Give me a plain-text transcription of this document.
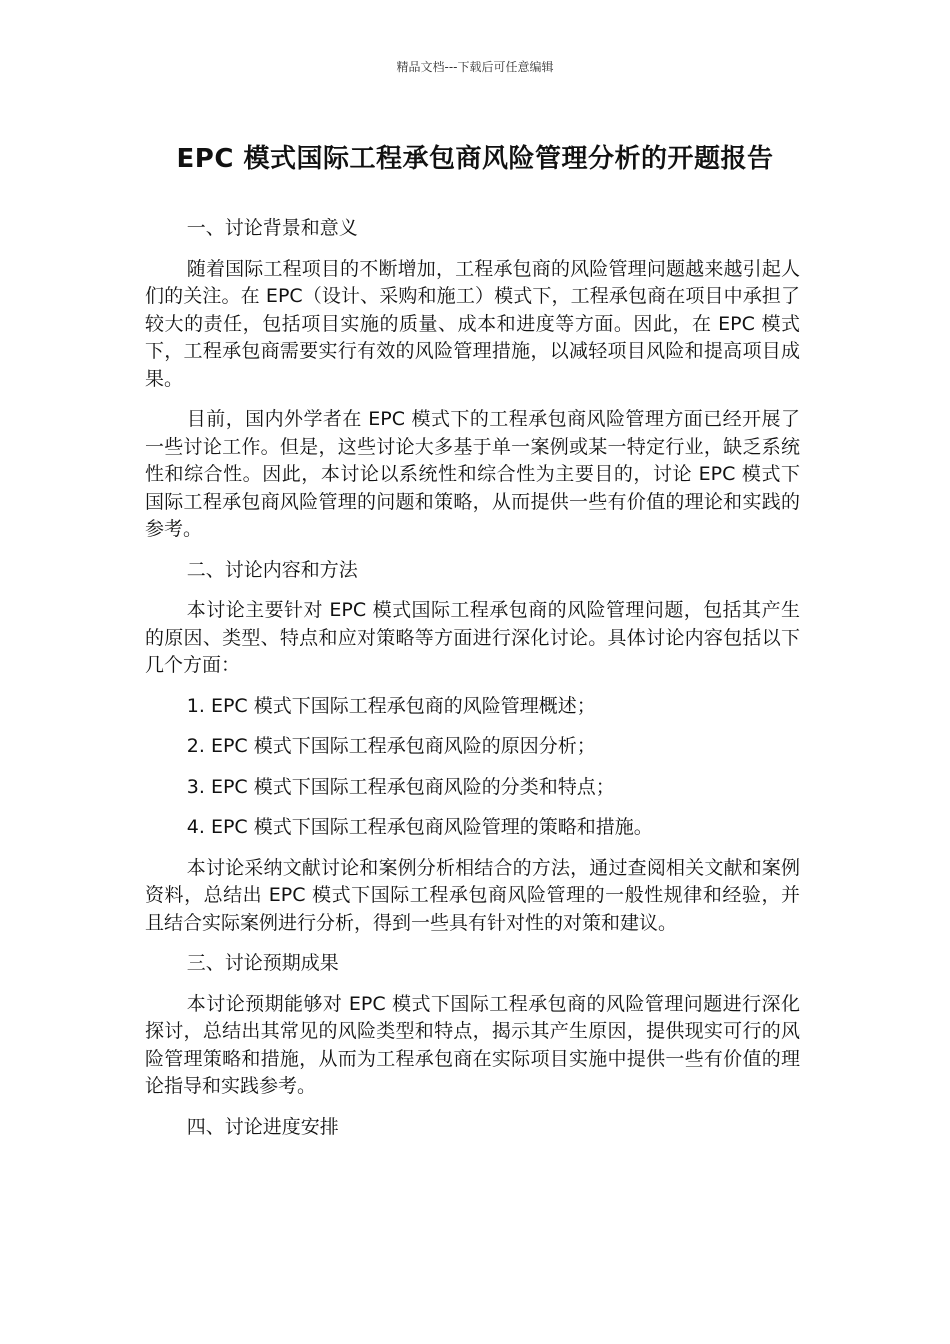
精品文档---下载后可任意编辑
EPC 模式国际工程承包商风险管理分析的开题报告
一、讨论背景和意义
随着国际工程项目的不断增加，工程承包商的风险管理问题越来越引起人们的关注。在 EPC（设计、采购和施工）模式下，工程承包商在项目中承担了较大的责任，包括项目实施的质量、成本和进度等方面。因此，在 EPC 模式下，工程承包商需要实行有效的风险管理措施，以减轻项目风险和提高项目成果。
目前，国内外学者在 EPC 模式下的工程承包商风险管理方面已经开展了一些讨论工作。但是，这些讨论大多基于单一案例或某一特定行业，缺乏系统性和综合性。因此，本讨论以系统性和综合性为主要目的，讨论 EPC 模式下国际工程承包商风险管理的问题和策略，从而提供一些有价值的理论和实践的参考。
二、讨论内容和方法
本讨论主要针对 EPC 模式国际工程承包商的风险管理问题，包括其产生的原因、类型、特点和应对策略等方面进行深化讨论。具体讨论内容包括以下几个方面：
1. EPC 模式下国际工程承包商的风险管理概述；
2. EPC 模式下国际工程承包商风险的原因分析；
3. EPC 模式下国际工程承包商风险的分类和特点；
4. EPC 模式下国际工程承包商风险管理的策略和措施。
本讨论采纳文献讨论和案例分析相结合的方法，通过查阅相关文献和案例资料，总结出 EPC 模式下国际工程承包商风险管理的一般性规律和经验，并且结合实际案例进行分析，得到一些具有针对性的对策和建议。
三、讨论预期成果
本讨论预期能够对 EPC 模式下国际工程承包商的风险管理问题进行深化探讨，总结出其常见的风险类型和特点，揭示其产生原因，提供现实可行的风险管理策略和措施，从而为工程承包商在实际项目实施中提供一些有价值的理论指导和实践参考。
四、讨论进度安排
